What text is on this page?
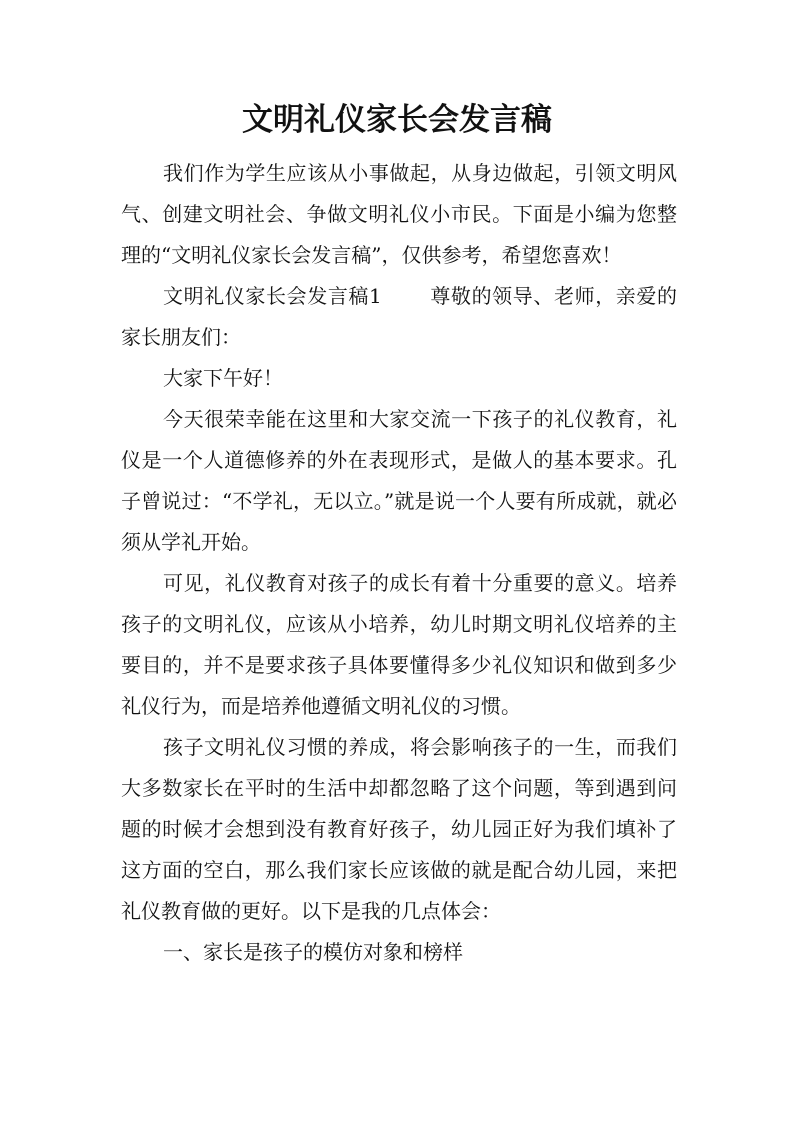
文明礼仪家长会发言稿

我们作为学生应该从小事做起，从身边做起，引领文明风气、创建文明社会、争做文明礼仪小市民。下面是小编为您整理的“文明礼仪家长会发言稿”，仅供参考，希望您喜欢！

文明礼仪家长会发言稿1 尊敬的领导、老师，亲爱的家长朋友们：

大家下午好！

今天很荣幸能在这里和大家交流一下孩子的礼仪教育，礼仪是一个人道德修养的外在表现形式，是做人的基本要求。孔子曾说过：“不学礼，无以立。”就是说一个人要有所成就，就必须从学礼开始。

可见，礼仪教育对孩子的成长有着十分重要的意义。培养孩子的文明礼仪，应该从小培养，幼儿时期文明礼仪培养的主要目的，并不是要求孩子具体要懂得多少礼仪知识和做到多少礼仪行为，而是培养他遵循文明礼仪的习惯。

孩子文明礼仪习惯的养成，将会影响孩子的一生，而我们大多数家长在平时的生活中却都忽略了这个问题，等到遇到问题的时候才会想到没有教育好孩子，幼儿园正好为我们填补了这方面的空白，那么我们家长应该做的就是配合幼儿园，来把礼仪教育做的更好。以下是我的几点体会：

一、家长是孩子的模仿对象和榜样
